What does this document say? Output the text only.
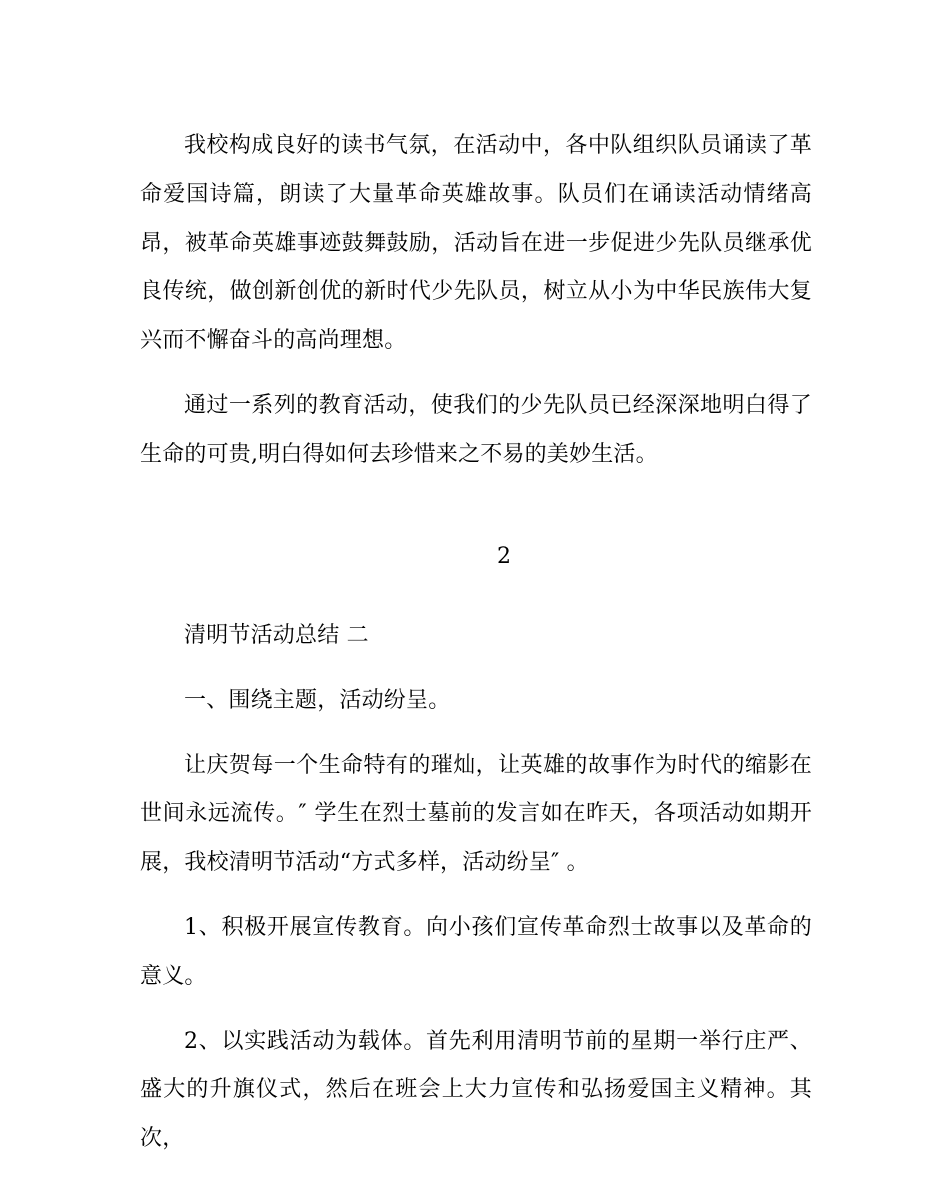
我校构成良好的读书气氛，在活动中，各中队组织队员诵读了革命爱国诗篇，朗读了大量革命英雄故事。队员们在诵读活动情绪高昂，被革命英雄事迹鼓舞鼓励，活动旨在进一步促进少先队员继承优良传统，做创新创优的新时代少先队员，树立从小为中华民族伟大复兴而不懈奋斗的高尚理想。

通过一系列的教育活动，使我们的少先队员已经深深地明白得了生命的可贵,明白得如何去珍惜来之不易的美妙生活。

2

清明节活动总结 二

一、围绕主题，活动纷呈。

让庆贺每一个生命特有的璀灿，让英雄的故事作为时代的缩影在世间永远流传。″ 学生在烈士墓前的发言如在昨天，各项活动如期开展，我校清明节活动“方式多样，活动纷呈″ 。

1、积极开展宣传教育。向小孩们宣传革命烈士故事以及革命的意义。

2、以实践活动为载体。首先利用清明节前的星期一举行庄严、盛大的升旗仪式，然后在班会上大力宣传和弘扬爱国主义精神。其次，
